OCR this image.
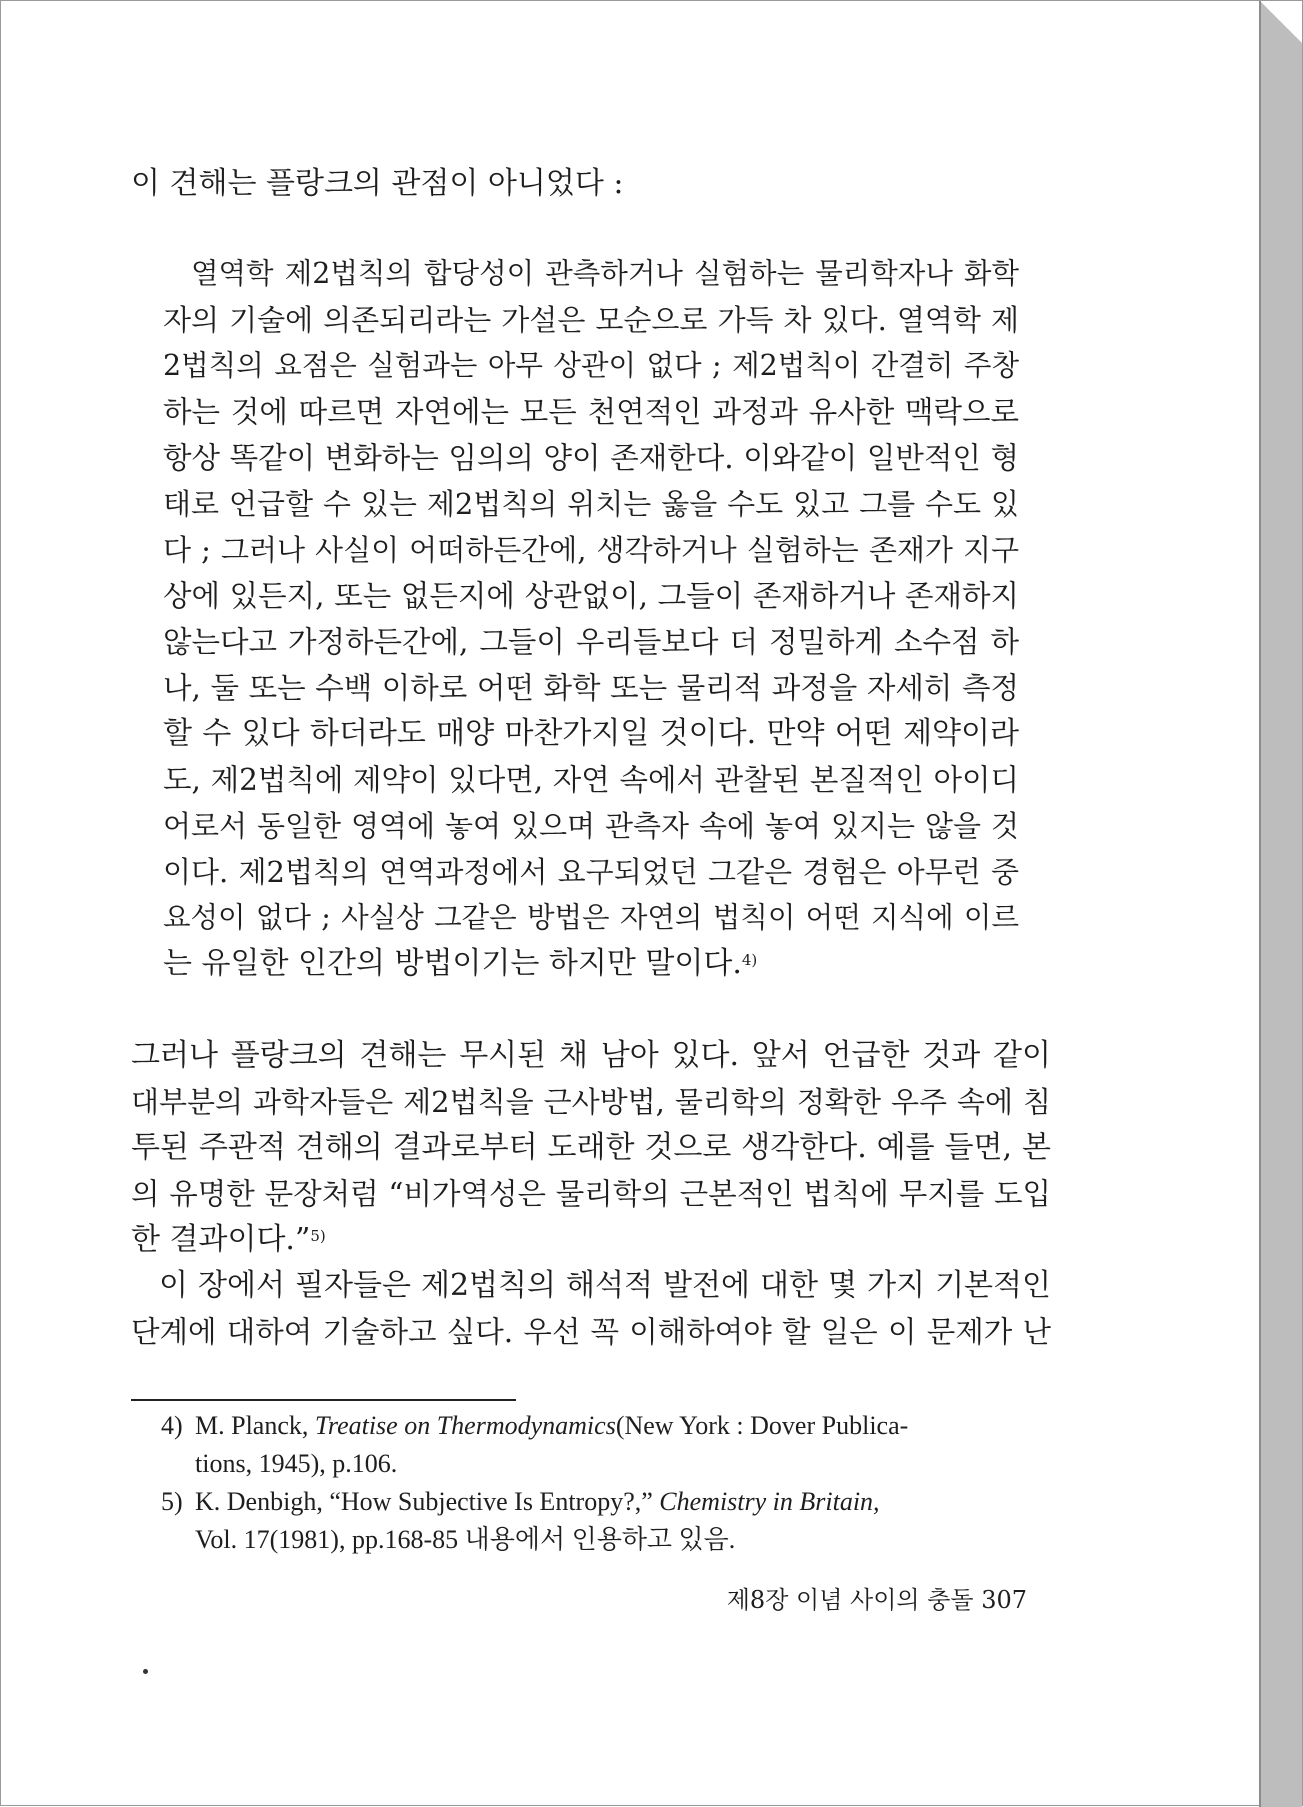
이 견해는 플랑크의 관점이 아니었다 :
열역학 제2법칙의 합당성이 관측하거나 실험하는 물리학자나 화학
자의 기술에 의존되리라는 가설은 모순으로 가득 차 있다. 열역학 제
2법칙의 요점은 실험과는 아무 상관이 없다 ; 제2법칙이 간결히 주창
하는 것에 따르면 자연에는 모든 천연적인 과정과 유사한 맥락으로
항상 똑같이 변화하는 임의의 양이 존재한다. 이와같이 일반적인 형
태로 언급할 수 있는 제2법칙의 위치는 옳을 수도 있고 그를 수도 있
다 ; 그러나 사실이 어떠하든간에, 생각하거나 실험하는 존재가 지구
상에 있든지, 또는 없든지에 상관없이, 그들이 존재하거나 존재하지
않는다고 가정하든간에, 그들이 우리들보다 더 정밀하게 소수점 하
나, 둘 또는 수백 이하로 어떤 화학 또는 물리적 과정을 자세히 측정
할 수 있다 하더라도 매양 마찬가지일 것이다. 만약 어떤 제약이라
도, 제2법칙에 제약이 있다면, 자연 속에서 관찰된 본질적인 아이디
어로서 동일한 영역에 놓여 있으며 관측자 속에 놓여 있지는 않을 것
이다. 제2법칙의 연역과정에서 요구되었던 그같은 경험은 아무런 중
요성이 없다 ; 사실상 그같은 방법은 자연의 법칙이 어떤 지식에 이르
는 유일한 인간의 방법이기는 하지만 말이다.$^{4)}$
그러나 플랑크의 견해는 무시된 채 남아 있다. 앞서 언급한 것과 같이
대부분의 과학자들은 제2법칙을 근사방법, 물리학의 정확한 우주 속에 침
투된 주관적 견해의 결과로부터 도래한 것으로 생각한다. 예를 들면, 본
의 유명한 문장처럼 “비가역성은 물리학의 근본적인 법칙에 무지를 도입
한 결과이다.”$^{5)}$
이 장에서 필자들은 제2법칙의 해석적 발전에 대한 몇 가지 기본적인
단계에 대하여 기술하고 싶다. 우선 꼭 이해하여야 할 일은 이 문제가 난
4) M. Planck, Treatise on Thermodynamics(New York : Dover Publica-
tions, 1945), p.106.
5) K. Denbigh, “How Subjective Is Entropy?,” Chemistry in Britain,
Vol. 17(1981), pp.168-85 내용에서 인용하고 있음.
제8장 이념 사이의 충돌 307
